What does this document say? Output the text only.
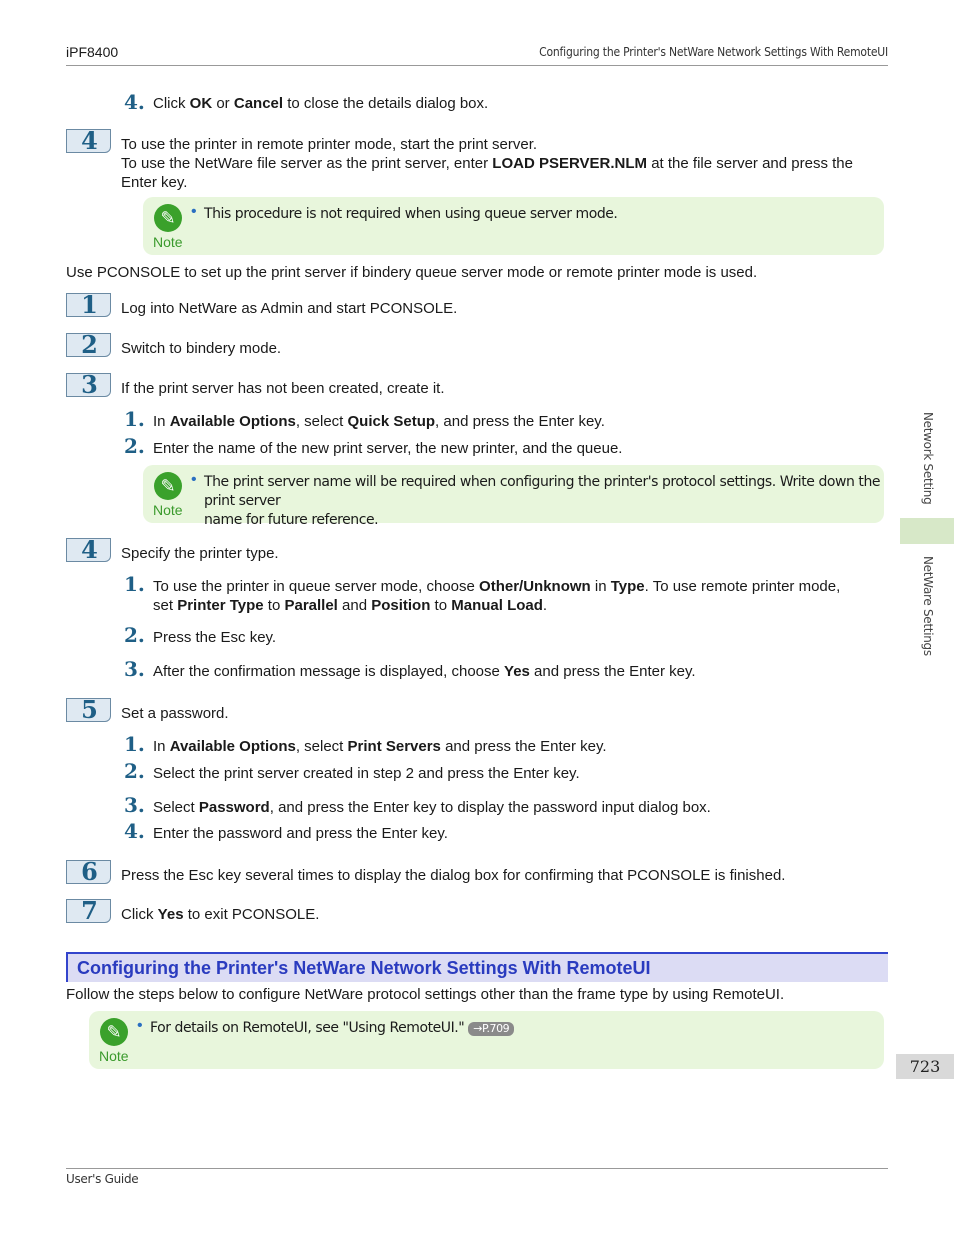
iPF8400	Configuring the Printer's NetWare Network Settings With RemoteUI
4. Click OK or Cancel to close the details dialog box.
4	To use the printer in remote printer mode, start the print server.
To use the NetWare file server as the print server, enter LOAD PSERVER.NLM at the file server and press the
Enter key.
✎
Note
• This procedure is not required when using queue server mode.
Use PCONSOLE to set up the print server if bindery queue server mode or remote printer mode is used.
1	Log into NetWare as Admin and start PCONSOLE.
2	Switch to bindery mode.
3	If the print server has not been created, create it.
1. In Available Options, select Quick Setup, and press the Enter key.
2. Enter the name of the new print server, the new printer, and the queue.
✎
Note
• The print server name will be required when configuring the printer's protocol settings. Write down the print server
name for future reference.
4	Specify the printer type.
1. To use the printer in queue server mode, choose Other/Unknown in Type. To use remote printer mode,
set Printer Type to Parallel and Position to Manual Load.
2. Press the Esc key.
3. After the confirmation message is displayed, choose Yes and press the Enter key.
5	Set a password.
1. In Available Options, select Print Servers and press the Enter key.
2. Select the print server created in step 2 and press the Enter key.
3. Select Password, and press the Enter key to display the password input dialog box.
4. Enter the password and press the Enter key.
6	Press the Esc key several times to display the dialog box for confirming that PCONSOLE is finished.
7	Click Yes to exit PCONSOLE.
Configuring the Printer's NetWare Network Settings With RemoteUI
Follow the steps below to configure NetWare protocol settings other than the frame type by using RemoteUI.
✎
Note
• For details on RemoteUI, see "Using RemoteUI." →P.709
Network Setting
NetWare Settings
723
User's Guide
